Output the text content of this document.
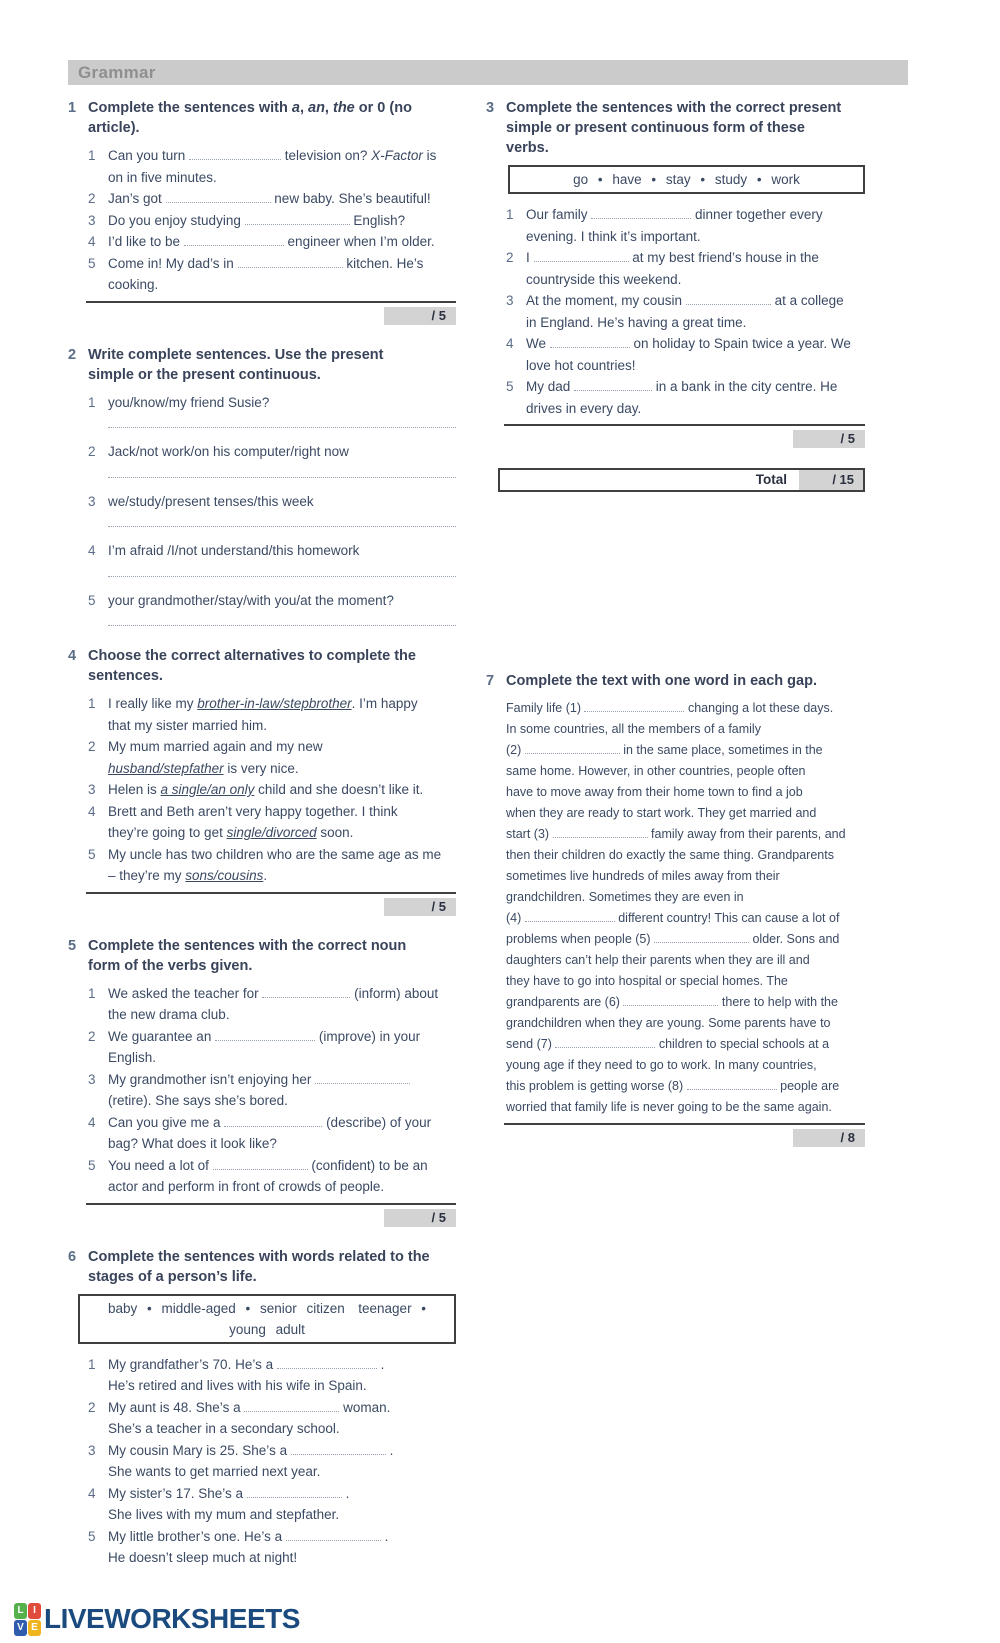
Grammar
1 Complete the sentences with a, an, the or 0 (no
article).
1 Can you turn	television on? X-Factor is
on in five minutes.
2 Jan’s got	new baby. She’s beautiful!
3 Do you enjoy studying	English?
4 I’d like to be	engineer when I’m older.
5 Come in! My dad’s in	kitchen. He’s
cooking.
/ 5
2 Write complete sentences. Use the present
simple or the present continuous.
1 you/know/my friend Susie?
2 Jack/not work/on his computer/right now
3 we/study/present tenses/this week
4 I’m afraid /I/not understand/this homework
5 your grandmother/stay/with you/at the moment?
4 Choose the correct alternatives to complete the
sentences.
1 I really like my brother-in-law/stepbrother. I’m happy
that my sister married him.
2 My mum married again and my new
husband/stepfather is very nice.
3 Helen is a single/an only child and she doesn’t like it.
4 Brett and Beth aren’t very happy together. I think
they’re going to get single/divorced soon.
5 My uncle has two children who are the same age as me
– they’re my sons/cousins.
/ 5
5 Complete the sentences with the correct noun
form of the verbs given.
1 We asked the teacher for	(inform) about
the new drama club.
2 We guarantee an	(improve) in your
English.
3 My grandmother isn’t enjoying her
(retire). She says she’s bored.
4 Can you give me a	(describe) of your
bag? What does it look like?
5 You need a lot of	(confident) to be an
actor and perform in front of crowds of people.
/ 5
6 Complete the sentences with words related to the
stages of a person’s life.
baby • middle-aged • senior citizen  teenager •
young adult
1 My grandfather’s 70. He’s a	.
He’s retired and lives with his wife in Spain.
2 My aunt is 48. She’s a	woman.
She’s a teacher in a secondary school.
3 My cousin Mary is 25. She’s a	.
She wants to get married next year.
4 My sister’s 17. She’s a	.
She lives with my mum and stepfather.
5 My little brother’s one. He’s a	.
He doesn’t sleep much at night!
3 Complete the sentences with the correct present
simple or present continuous form of these
verbs.
go • have • stay • study • work
1 Our family	dinner together every
evening. I think it’s important.
2 I	at my best friend’s house in the
countryside this weekend.
3 At the moment, my cousin	at a college
in England. He’s having a great time.
4 We	on holiday to Spain twice a year. We
love hot countries!
5 My dad	in a bank in the city centre. He
drives in every day.
/ 5
Total	/ 15
7 Complete the text with one word in each gap.
Family life (1)	changing a lot these days.
In some countries, all the members of a family
(2)	in the same place, sometimes in the
same home. However, in other countries, people often
have to move away from their home town to find a job
when they are ready to start work. They get married and
start (3)	family away from their parents, and
then their children do exactly the same thing. Grandparents
sometimes live hundreds of miles away from their
grandchildren. Sometimes they are even in
(4)	different country! This can cause a lot of
problems when people (5)	older. Sons and
daughters can’t help their parents when they are ill and
they have to go into hospital or special homes. The
grandparents are (6)	there to help with the
grandchildren when they are young. Some parents have to
send (7)	children to special schools at a
young age if they need to go to work. In many countries,
this problem is getting worse (8)	people are
worried that family life is never going to be the same again.
/ 8
L I
V E LIVEWORKSHEETS
